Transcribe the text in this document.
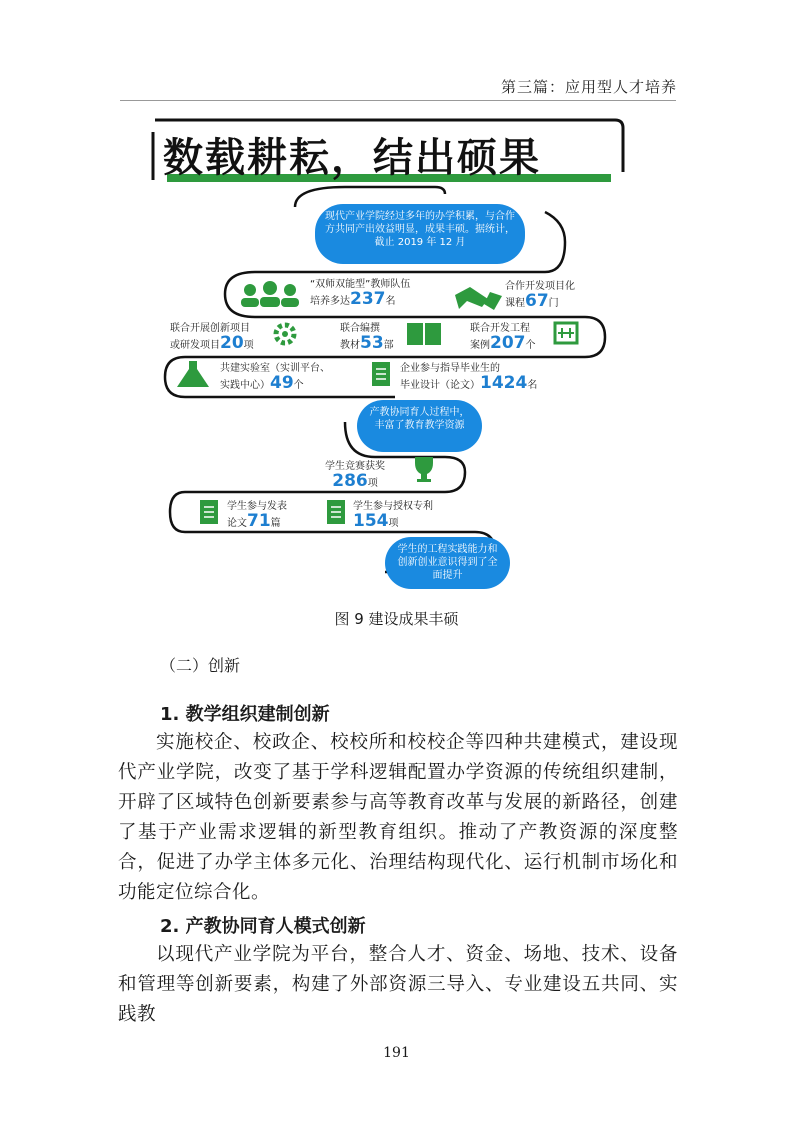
第三篇：应用型人才培养
数载耕耘，结出硕果
现代产业学院经过多年的办学积累，与合作方共同产出效益明显，成果丰硕。据统计，截止 2019 年 12 月
“双师双能型”教师队伍
培养多达237名
合作开发项目化
课程67门
联合开展创新项目
或研发项目20项
联合编撰
教材53部
联合开发工程
案例207个
共建实验室（实训平台、
实践中心）49个
企业参与指导毕业生的
毕业设计（论文）1424名
产教协同育人过程中，丰富了教育教学资源
学生竞赛获奖
286项
学生参与发表
论文71篇
学生参与授权专利
154项
学生的工程实践能力和创新创业意识得到了全面提升
图 9 建设成果丰硕
（二）创新
1. 教学组织建制创新
实施校企、校政企、校校所和校校企等四种共建模式，建设现代产业学院，改变了基于学科逻辑配置办学资源的传统组织建制，开辟了区域特色创新要素参与高等教育改革与发展的新路径，创建了基于产业需求逻辑的新型教育组织。推动了产教资源的深度整合，促进了办学主体多元化、治理结构现代化、运行机制市场化和功能定位综合化。
2. 产教协同育人模式创新
以现代产业学院为平台，整合人才、资金、场地、技术、设备和管理等创新要素，构建了外部资源三导入、专业建设五共同、实践教
191
